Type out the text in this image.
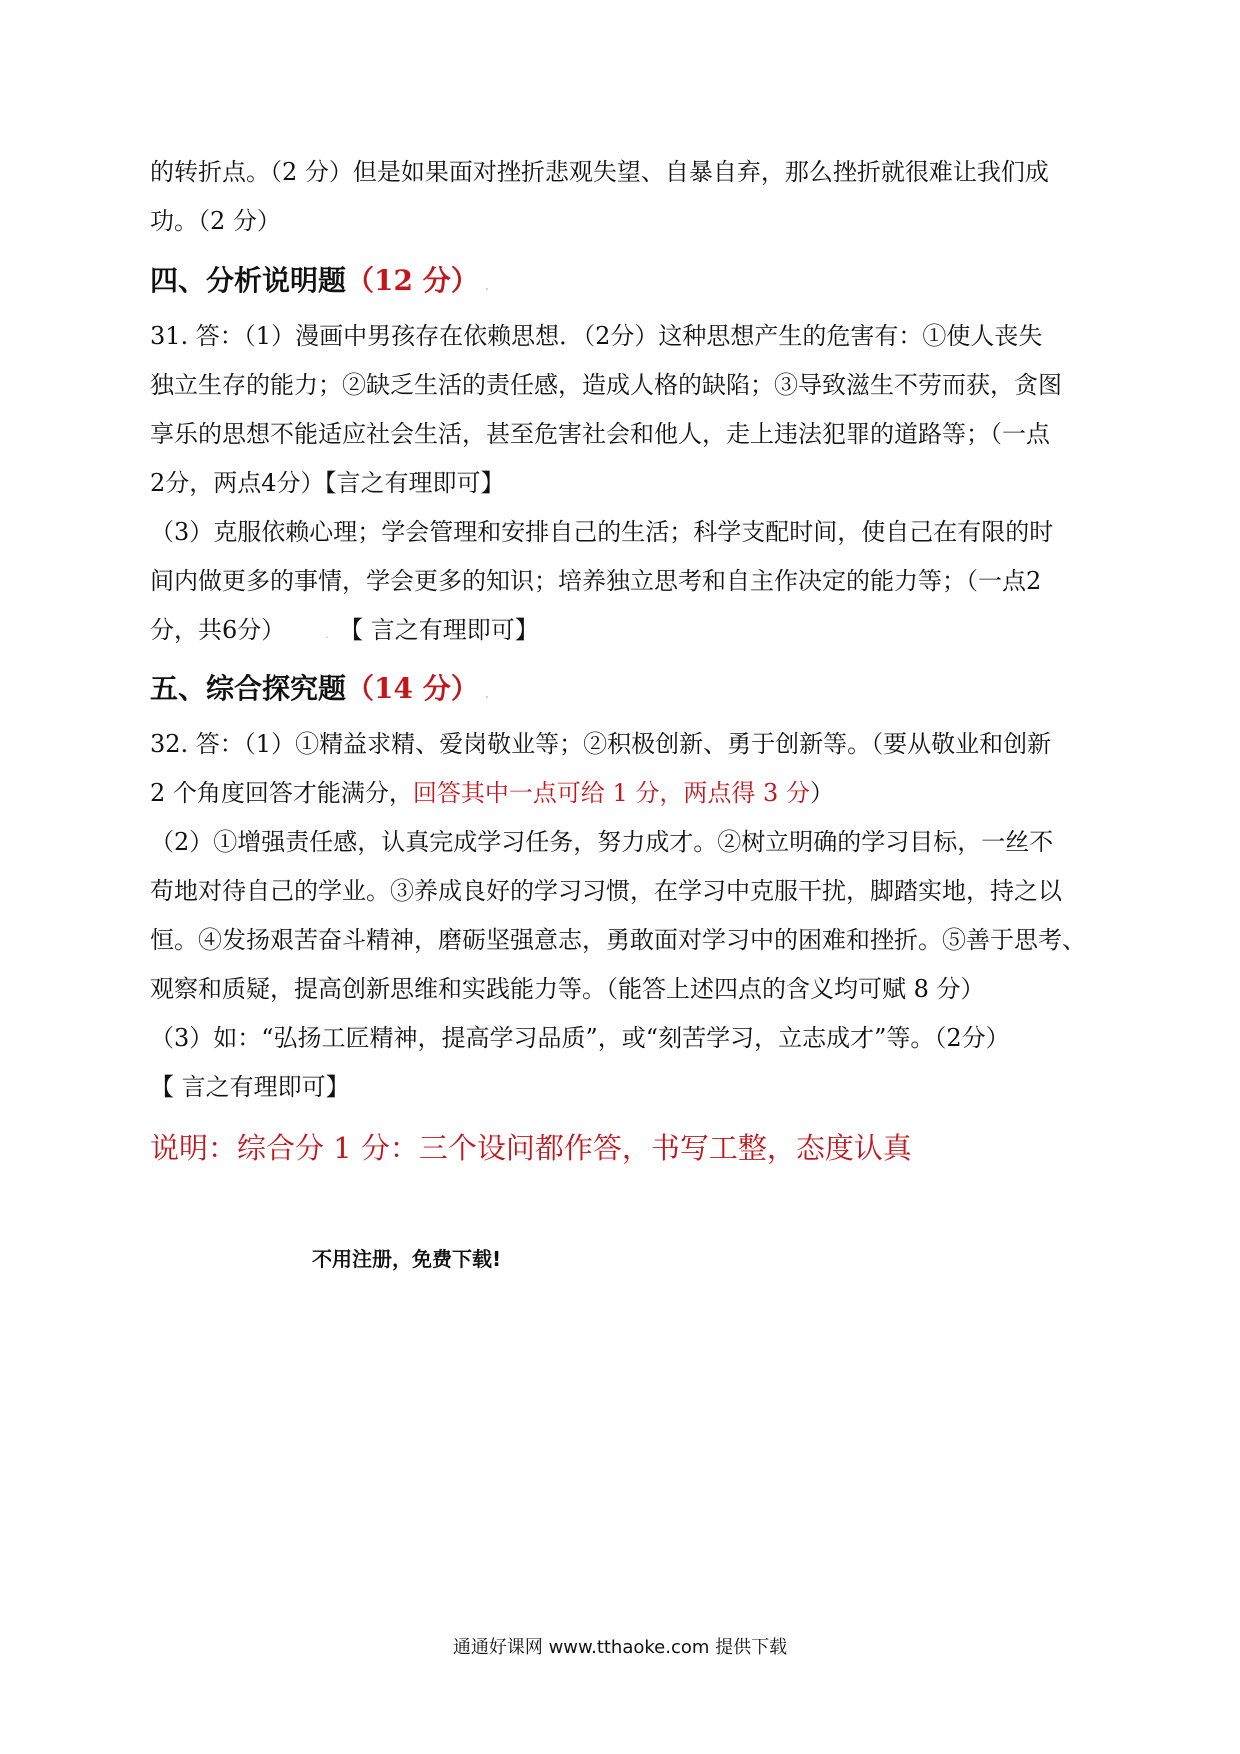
的转折点。（2 分）但是如果面对挫折悲观失望、自暴自弃，那么挫折就很难让我们成
功。（2 分）
四、分析说明题（12 分） .
31. 答：（1）漫画中男孩存在依赖思想．（2分）这种思想产生的危害有：①使人丧失
独立生存的能力；②缺乏生活的责任感，造成人格的缺陷；③导致滋生不劳而获，贪图
享乐的思想不能适应社会生活，甚至危害社会和他人，走上违法犯罪的道路等；（一点
2分，两点4分）【言之有理即可】
（3）克服依赖心理；学会管理和安排自己的生活；科学支配时间，使自己在有限的时
间内做更多的事情，学会更多的知识；培养独立思考和自主作决定的能力等；（一点2
分，共6分）	. 【 言之有理即可】
五、综合探究题（14 分） .
32. 答：（1）①精益求精、爱岗敬业等；②积极创新、勇于创新等。（要从敬业和创新
2 个角度回答才能满分，回答其中一点可给 1 分，两点得 3 分）
（2）①增强责任感，认真完成学习任务，努力成才。②树立明确的学习目标，一丝不
苟地对待自己的学业。③养成良好的学习习惯，在学习中克服干扰，脚踏实地，持之以
恒。④发扬艰苦奋斗精神，磨砺坚强意志，勇敢面对学习中的困难和挫折。⑤善于思考、
观察和质疑，提高创新思维和实践能力等。（能答上述四点的含义均可赋 8 分）
（3）如：“弘扬工匠精神，提高学习品质”，或“刻苦学习，立志成才”等。（2分）
【 言之有理即可】
说明：综合分 1 分：三个设问都作答，书写工整，态度认真
不用注册，免费下载!
通通好课网 www.tthaoke.com 提供下载
